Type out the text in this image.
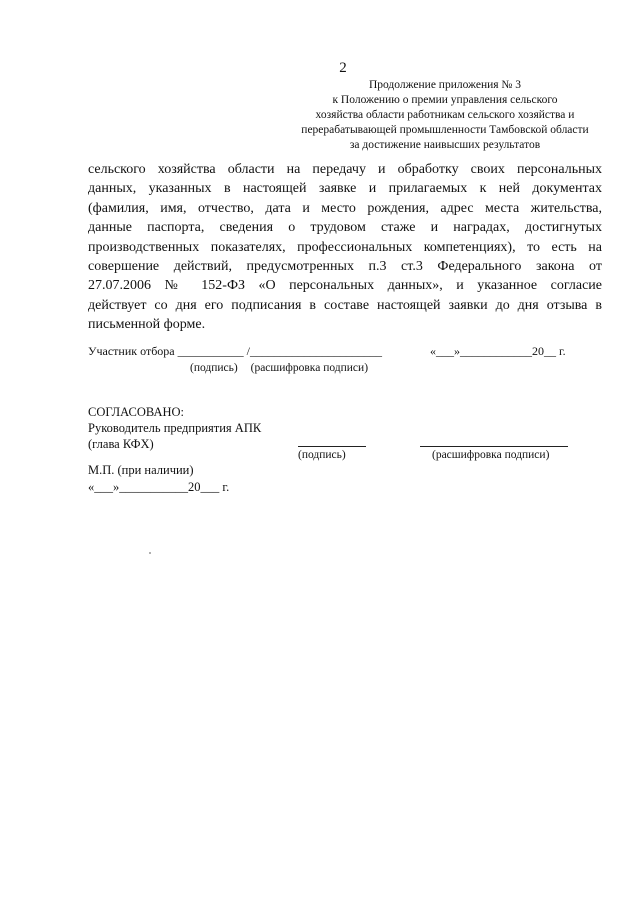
2
Продолжение приложения № 3
к Положению о премии управления сельского
хозяйства области работникам сельского хозяйства и
перерабатывающей промышленности Тамбовской области
за достижение наивысших результатов
сельского хозяйства области на передачу и обработку своих персональных
данных, указанных в настоящей заявке и прилагаемых к ней документах
(фамилия, имя, отчество, дата и место рождения, адрес места жительства,
данные паспорта, сведения о трудовом стаже и наградах, достигнутых
производственных показателях, профессиональных компетенциях), то есть на
совершение действий, предусмотренных п.3 ст.3 Федерального закона от
27.07.2006 № 152-ФЗ «О персональных данных», и указанное согласие
действует со дня его подписания в составе настоящей заявки до дня отзыва в
письменной форме.
Участник отбора ___________ /______________________	«___»____________20__ г.
(подпись) (расшифровка подписи)
СОГЛАСОВАНО:
Руководитель предприятия АПК
(глава КФХ)
(подпись)	(расшифровка подписи)
М.П. (при наличии)
«___»___________20___ г.
